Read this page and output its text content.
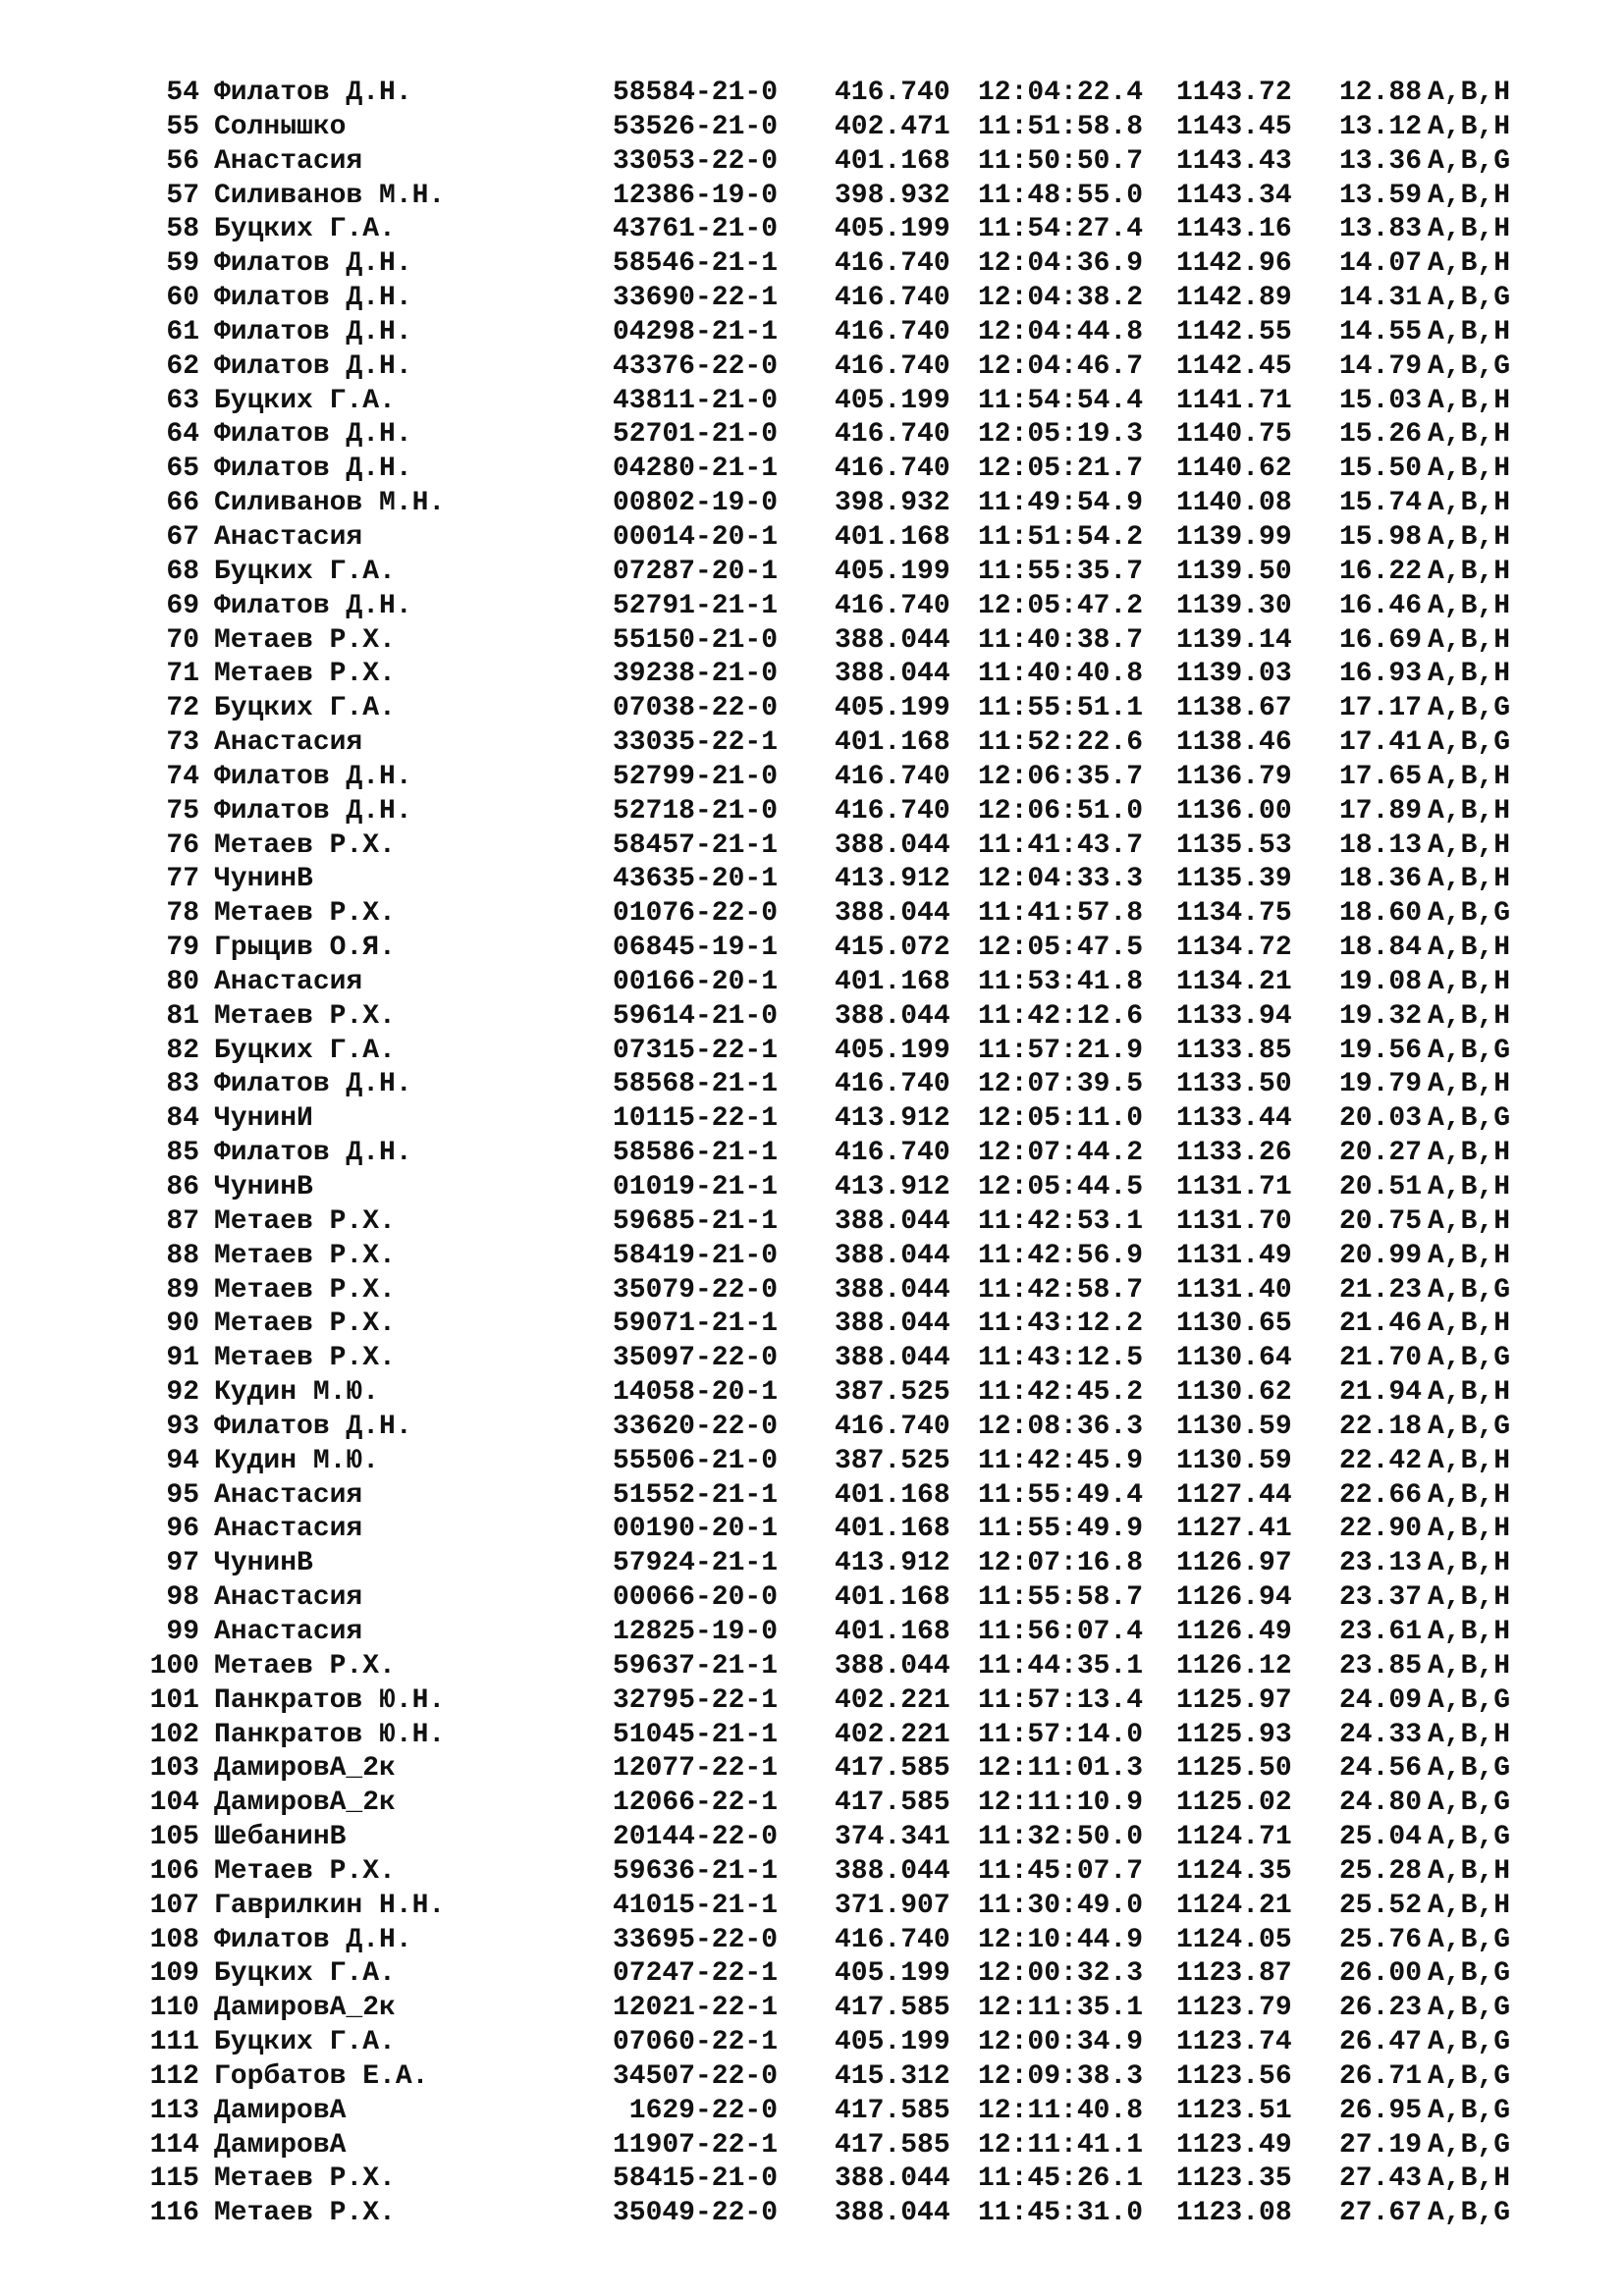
54 Филатов Д.Н.	58584-21-0 416.740 12:04:22.4 1143.72 12.88 A,B,H
55 Солнышко	53526-21-0 402.471 11:51:58.8 1143.45 13.12 A,B,H
56 Анастасия	33053-22-0 401.168 11:50:50.7 1143.43 13.36 A,B,G
57 Силиванов М.Н.	12386-19-0 398.932 11:48:55.0 1143.34 13.59 A,B,H
58 Буцких Г.А.	43761-21-0 405.199 11:54:27.4 1143.16 13.83 A,B,H
59 Филатов Д.Н.	58546-21-1 416.740 12:04:36.9 1142.96 14.07 A,B,H
60 Филатов Д.Н.	33690-22-1 416.740 12:04:38.2 1142.89 14.31 A,B,G
61 Филатов Д.Н.	04298-21-1 416.740 12:04:44.8 1142.55 14.55 A,B,H
62 Филатов Д.Н.	43376-22-0 416.740 12:04:46.7 1142.45 14.79 A,B,G
63 Буцких Г.А.	43811-21-0 405.199 11:54:54.4 1141.71 15.03 A,B,H
64 Филатов Д.Н.	52701-21-0 416.740 12:05:19.3 1140.75 15.26 A,B,H
65 Филатов Д.Н.	04280-21-1 416.740 12:05:21.7 1140.62 15.50 A,B,H
66 Силиванов М.Н.	00802-19-0 398.932 11:49:54.9 1140.08 15.74 A,B,H
67 Анастасия	00014-20-1 401.168 11:51:54.2 1139.99 15.98 A,B,H
68 Буцких Г.А.	07287-20-1 405.199 11:55:35.7 1139.50 16.22 A,B,H
69 Филатов Д.Н.	52791-21-1 416.740 12:05:47.2 1139.30 16.46 A,B,H
70 Метаев Р.Х.	55150-21-0 388.044 11:40:38.7 1139.14 16.69 A,B,H
71 Метаев Р.Х.	39238-21-0 388.044 11:40:40.8 1139.03 16.93 A,B,H
72 Буцких Г.А.	07038-22-0 405.199 11:55:51.1 1138.67 17.17 A,B,G
73 Анастасия	33035-22-1 401.168 11:52:22.6 1138.46 17.41 A,B,G
74 Филатов Д.Н.	52799-21-0 416.740 12:06:35.7 1136.79 17.65 A,B,H
75 Филатов Д.Н.	52718-21-0 416.740 12:06:51.0 1136.00 17.89 A,B,H
76 Метаев Р.Х.	58457-21-1 388.044 11:41:43.7 1135.53 18.13 A,B,H
77 ЧунинВ	43635-20-1 413.912 12:04:33.3 1135.39 18.36 A,B,H
78 Метаев Р.Х.	01076-22-0 388.044 11:41:57.8 1134.75 18.60 A,B,G
79 Грыцив О.Я.	06845-19-1 415.072 12:05:47.5 1134.72 18.84 A,B,H
80 Анастасия	00166-20-1 401.168 11:53:41.8 1134.21 19.08 A,B,H
81 Метаев Р.Х.	59614-21-0 388.044 11:42:12.6 1133.94 19.32 A,B,H
82 Буцких Г.А.	07315-22-1 405.199 11:57:21.9 1133.85 19.56 A,B,G
83 Филатов Д.Н.	58568-21-1 416.740 12:07:39.5 1133.50 19.79 A,B,H
84 ЧунинИ	10115-22-1 413.912 12:05:11.0 1133.44 20.03 A,B,G
85 Филатов Д.Н.	58586-21-1 416.740 12:07:44.2 1133.26 20.27 A,B,H
86 ЧунинВ	01019-21-1 413.912 12:05:44.5 1131.71 20.51 A,B,H
87 Метаев Р.Х.	59685-21-1 388.044 11:42:53.1 1131.70 20.75 A,B,H
88 Метаев Р.Х.	58419-21-0 388.044 11:42:56.9 1131.49 20.99 A,B,H
89 Метаев Р.Х.	35079-22-0 388.044 11:42:58.7 1131.40 21.23 A,B,G
90 Метаев Р.Х.	59071-21-1 388.044 11:43:12.2 1130.65 21.46 A,B,H
91 Метаев Р.Х.	35097-22-0 388.044 11:43:12.5 1130.64 21.70 A,B,G
92 Кудин М.Ю.	14058-20-1 387.525 11:42:45.2 1130.62 21.94 A,B,H
93 Филатов Д.Н.	33620-22-0 416.740 12:08:36.3 1130.59 22.18 A,B,G
94 Кудин М.Ю.	55506-21-0 387.525 11:42:45.9 1130.59 22.42 A,B,H
95 Анастасия	51552-21-1 401.168 11:55:49.4 1127.44 22.66 A,B,H
96 Анастасия	00190-20-1 401.168 11:55:49.9 1127.41 22.90 A,B,H
97 ЧунинВ	57924-21-1 413.912 12:07:16.8 1126.97 23.13 A,B,H
98 Анастасия	00066-20-0 401.168 11:55:58.7 1126.94 23.37 A,B,H
99 Анастасия	12825-19-0 401.168 11:56:07.4 1126.49 23.61 A,B,H
100 Метаев Р.Х.	59637-21-1 388.044 11:44:35.1 1126.12 23.85 A,B,H
101 Панкратов Ю.Н.	32795-22-1 402.221 11:57:13.4 1125.97 24.09 A,B,G
102 Панкратов Ю.Н.	51045-21-1 402.221 11:57:14.0 1125.93 24.33 A,B,H
103 ДамировА_2к	12077-22-1 417.585 12:11:01.3 1125.50 24.56 A,B,G
104 ДамировА_2к	12066-22-1 417.585 12:11:10.9 1125.02 24.80 A,B,G
105 ШебанинВ	20144-22-0 374.341 11:32:50.0 1124.71 25.04 A,B,G
106 Метаев Р.Х.	59636-21-1 388.044 11:45:07.7 1124.35 25.28 A,B,H
107 Гаврилкин Н.Н.	41015-21-1 371.907 11:30:49.0 1124.21 25.52 A,B,H
108 Филатов Д.Н.	33695-22-0 416.740 12:10:44.9 1124.05 25.76 A,B,G
109 Буцких Г.А.	07247-22-1 405.199 12:00:32.3 1123.87 26.00 A,B,G
110 ДамировА_2к	12021-22-1 417.585 12:11:35.1 1123.79 26.23 A,B,G
111 Буцких Г.А.	07060-22-1 405.199 12:00:34.9 1123.74 26.47 A,B,G
112 Горбатов Е.А.	34507-22-0 415.312 12:09:38.3 1123.56 26.71 A,B,G
113 ДамировА	1629-22-0 417.585 12:11:40.8 1123.51 26.95 A,B,G
114 ДамировА	11907-22-1 417.585 12:11:41.1 1123.49 27.19 A,B,G
115 Метаев Р.Х.	58415-21-0 388.044 11:45:26.1 1123.35 27.43 A,B,H
116 Метаев Р.Х.	35049-22-0 388.044 11:45:31.0 1123.08 27.67 A,B,G
